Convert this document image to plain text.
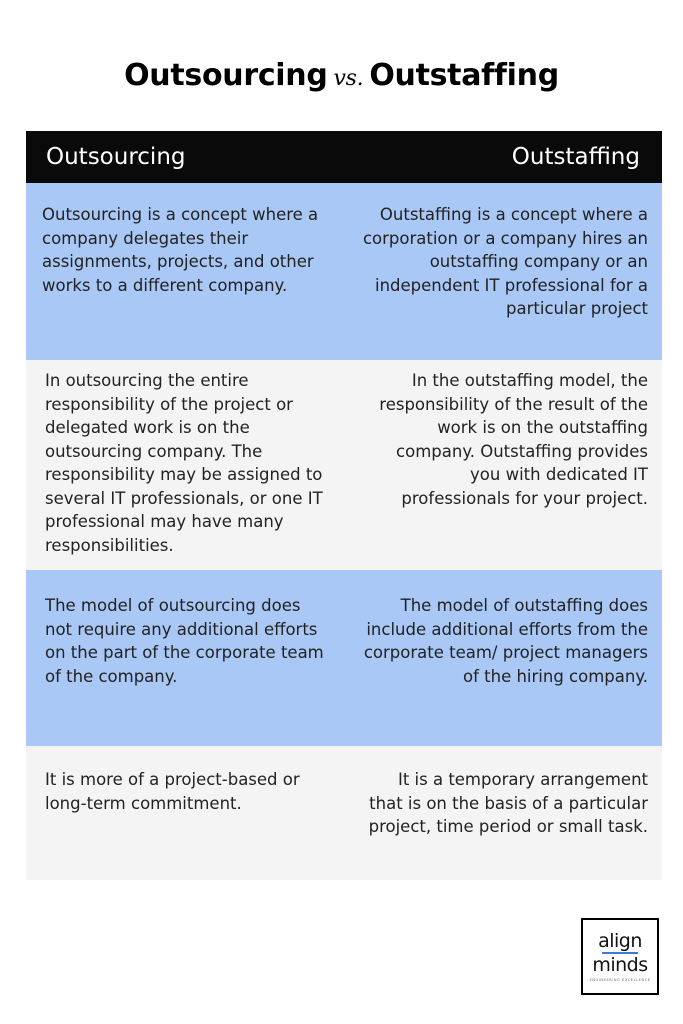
Outsourcing vs. Outstaffing
Outsourcing	Outstaffing
Outsourcing is a concept where a company delegates their assignments, projects, and other works to a different company.
Outstaffing is a concept where a corporation or a company hires an outstaffing company or an independent IT professional for a particular project
In outsourcing the entire responsibility of the project or delegated work is on the outsourcing company. The responsibility may be assigned to several IT professionals, or one IT professional may have many responsibilities.
In the outstaffing model, the responsibility of the result of the work is on the outstaffing company. Outstaffing provides you with dedicated IT professionals for your project.
The model of outsourcing does not require any additional efforts on the part of the corporate team of the company.
The model of outstaffing does include additional efforts from the corporate team/ project managers of the hiring company.
It is more of a project-based or long-term commitment.
It is a temporary arrangement that is on the basis of a particular project, time period or small task.
align
minds
ENGINEERING EXCELLENCE
